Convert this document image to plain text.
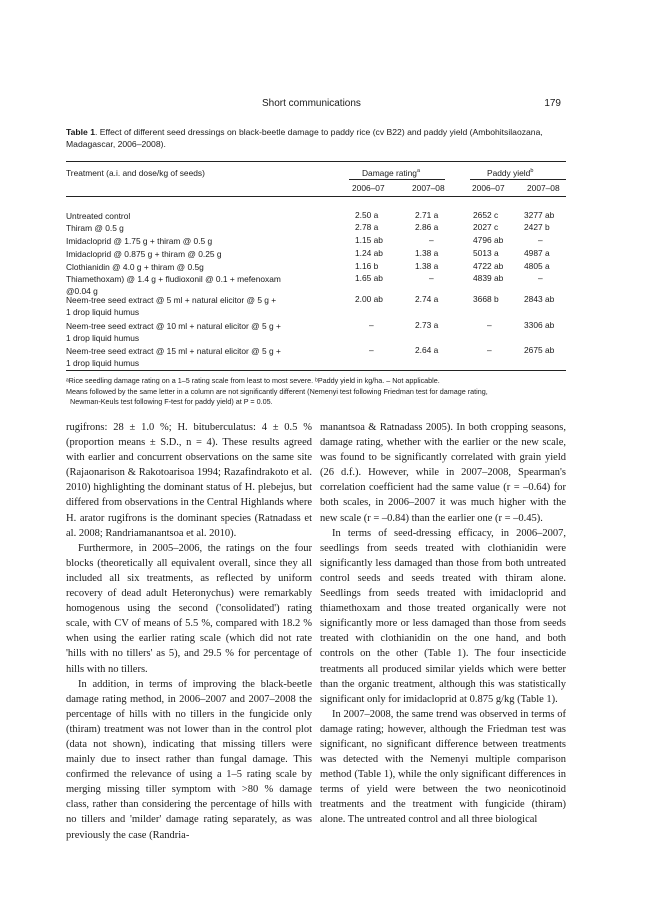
Short communications	179
Table 1. Effect of different seed dressings on black-beetle damage to paddy rice (cv B22) and paddy yield (Ambohitsilaozana, Madagascar, 2006–2008).
Treatment (a.i. and dose/kg of seeds)	Damage rating$^a$	Paddy yield$^b$
2006–07	2007–08	2006–07	2007–08
Untreated control	2.50 a	2.71 a	2652 c	3277 ab
Thiram @ 0.5 g	2.78 a	2.86 a	2027 c	2427 b
Imidacloprid @ 1.75 g + thiram @ 0.5 g	1.15 ab	–	4796 ab	–
Imidacloprid @ 0.875 g + thiram @ 0.25 g	1.24 ab	1.38 a	5013 a	4987 a
Clothianidin @ 4.0 g + thiram @ 0.5g	1.16 b	1.38 a	4722 ab 4805 a
Thiamethoxam) @ 1.4 g + fludioxonil @ 0.1 + mefenoxam
@0.04 g
1.65 ab	–	4839 ab	–
Neem-tree seed extract @ 5 ml + natural elicitor @ 5 g +
1 drop liquid humus
2.00 ab	2.74 a	3668 b	2843 ab
Neem-tree seed extract @ 10 ml + natural elicitor @ 5 g +
1 drop liquid humus
–	2.73 a	–	3306 ab
Neem-tree seed extract @ 15 ml + natural elicitor @ 5 g +
1 drop liquid humus
–	2.64 a	–	2675 ab
ᵃRice seedling damage rating on a 1–5 rating scale from least to most severe. ᵇPaddy yield in kg/ha. – Not applicable.
Means followed by the same letter in a column are not significantly different (Nemenyi test following Friedman test for damage rating,
Newman-Keuls test following F-test for paddy yield) at P = 0.05.

rugifrons: 28 ± 1.0 %; H. bituberculatus: 4 ± 0.5 % (proportion means ± S.D., n = 4). These results agreed with earlier and concurrent observations on the same site (Rajaonarison & Rakotoarisoa 1994; Razafindrakoto et al. 2010) highlighting the dominant status of H. plebejus, but differed from observations in the Central Highlands where H. arator rugifrons is the dominant species (Ratnadass et al. 2008; Randriamanantsoa et al. 2010).

Furthermore, in 2005–2006, the ratings on the four blocks (theoretically all equivalent overall, since they all included all six treatments, as reflected by uniform recovery of dead adult Heteronychus) were remarkably homogenous using the second ('consolidated') rating scale, with CV of means of 5.5 %, compared with 18.2 % when using the earlier rating scale (which did not rate 'hills with no tillers' as 5), and 29.5 % for percentage of hills with no tillers.

In addition, in terms of improving the black-beetle damage rating method, in 2006–2007 and 2007–2008 the percentage of hills with no tillers in the fungicide only (thiram) treatment was not lower than in the control plot (data not shown), indicating that missing tillers were mainly due to insect rather than fungal damage. This confirmed the relevance of using a 1–5 rating scale by merging missing tiller symptom with >80 % damage class, rather than considering the percentage of hills with no tillers and 'milder' damage rating separately, as was previously the case (Randria-

manantsoa & Ratnadass 2005). In both cropping seasons, damage rating, whether with the earlier or the new scale, was found to be significantly correlated with grain yield (26 d.f.). However, while in 2007–2008, Spearman's correlation coefficient had the same value (r = –0.64) for both scales, in 2006–2007 it was much higher with the new scale (r = –0.84) than the earlier one (r = –0.45).

In terms of seed-dressing efficacy, in 2006–2007, seedlings from seeds treated with clothianidin were significantly less damaged than those from both untreated control seeds and seeds treated with thiram alone. Seedlings from seeds treated with imidacloprid and thiamethoxam and those treated organically were not significantly more or less damaged than those from seeds treated with clothianidin on the one hand, and both controls on the other (Table 1). The four insecticide treatments all produced similar yields which were better than the organic treatment, although this was statistically significant only for imidacloprid at 0.875 g/kg (Table 1).

In 2007–2008, the same trend was observed in terms of damage rating; however, although the Friedman test was significant, no significant difference between treatments was detected with the Nemenyi multiple comparison method (Table 1), while the only significant differences in terms of yield were between the two neonicotinoid treatments and the treatment with fungicide (thiram) alone. The untreated control and all three biological
